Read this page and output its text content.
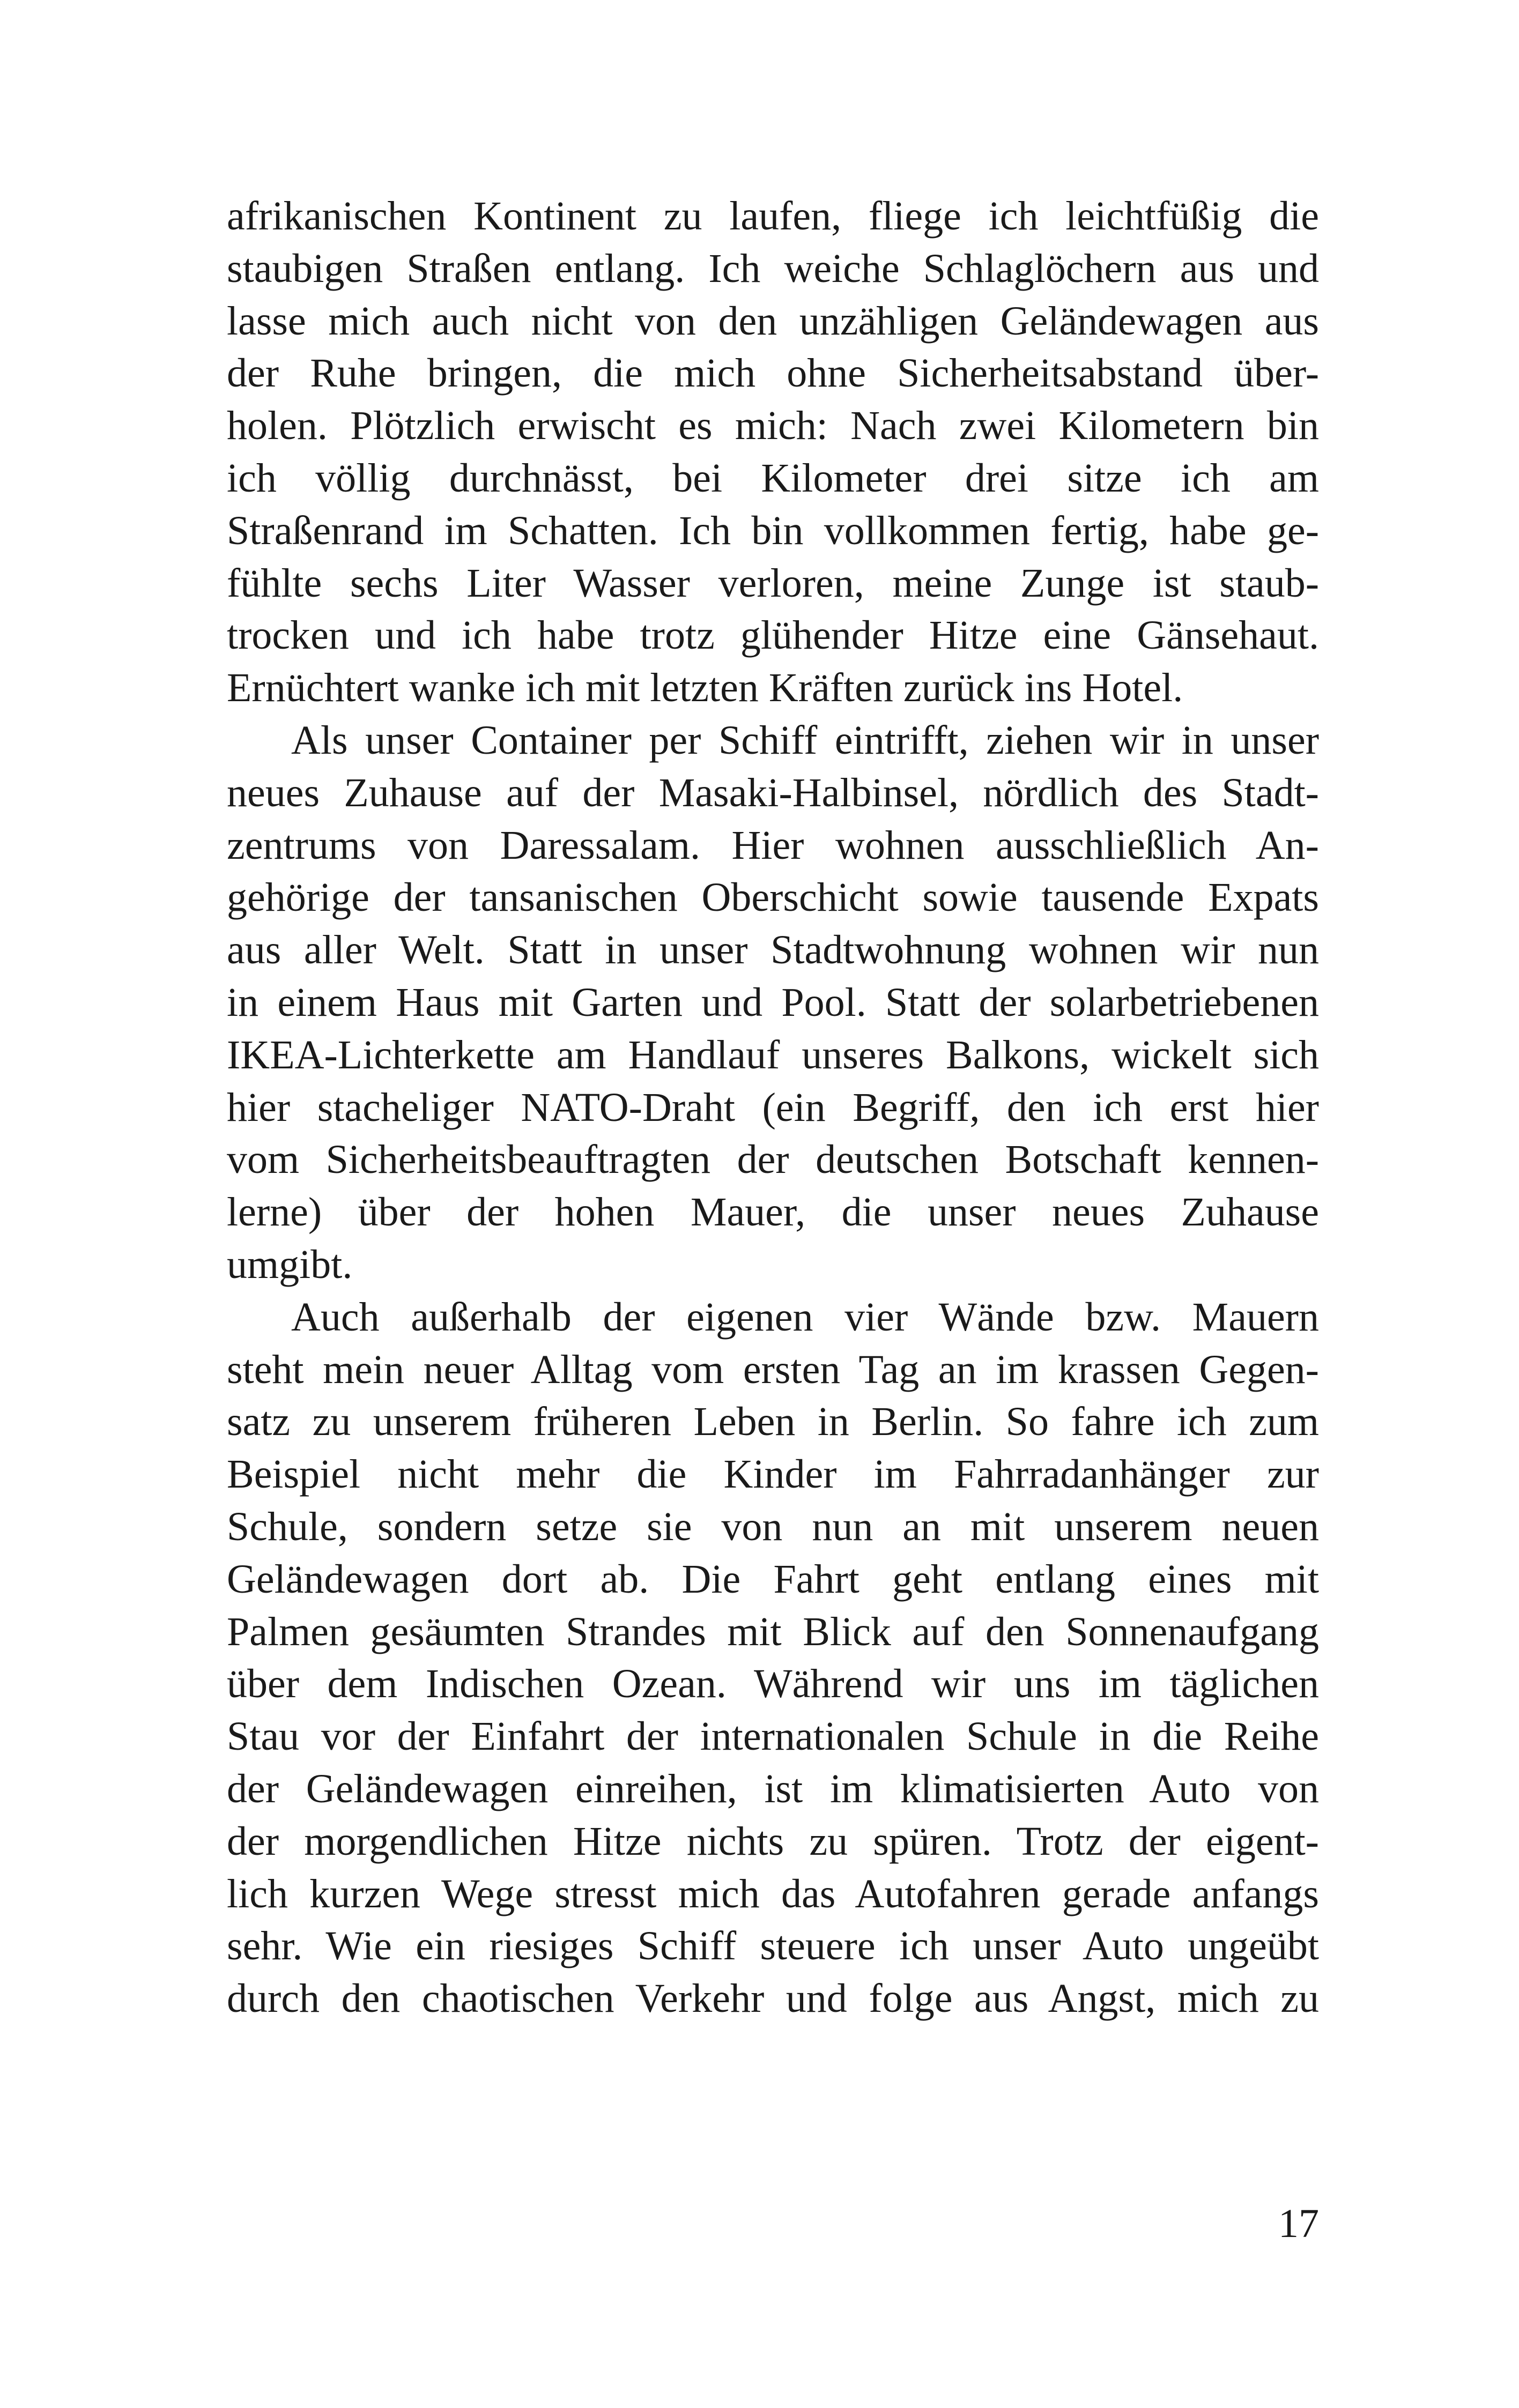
afrikanischen Kontinent zu laufen, fliege ich leichtfüßig die
staubigen Straßen entlang. Ich weiche Schlaglöchern aus und
lasse mich auch nicht von den unzähligen Geländewagen aus
der Ruhe bringen, die mich ohne Sicherheitsabstand über-
holen. Plötzlich erwischt es mich: Nach zwei Kilometern bin
ich völlig durchnässt, bei Kilometer drei sitze ich am
Straßenrand im Schatten. Ich bin vollkommen fertig, habe ge-
fühlte sechs Liter Wasser verloren, meine Zunge ist staub-
trocken und ich habe trotz glühender Hitze eine Gänsehaut.
Ernüchtert wanke ich mit letzten Kräften zurück ins Hotel.
Als unser Container per Schiff eintrifft, ziehen wir in unser
neues Zuhause auf der Masaki-Halbinsel, nördlich des Stadt-
zentrums von Daressalam. Hier wohnen ausschließlich An-
gehörige der tansanischen Oberschicht sowie tausende Expats
aus aller Welt. Statt in unser Stadtwohnung wohnen wir nun
in einem Haus mit Garten und Pool. Statt der solarbetriebenen
IKEA-Lichterkette am Handlauf unseres Balkons, wickelt sich
hier stacheliger NATO-Draht (ein Begriff, den ich erst hier
vom Sicherheitsbeauftragten der deutschen Botschaft kennen-
lerne) über der hohen Mauer, die unser neues Zuhause
umgibt.
Auch außerhalb der eigenen vier Wände bzw. Mauern
steht mein neuer Alltag vom ersten Tag an im krassen Gegen-
satz zu unserem früheren Leben in Berlin. So fahre ich zum
Beispiel nicht mehr die Kinder im Fahrradanhänger zur
Schule, sondern setze sie von nun an mit unserem neuen
Geländewagen dort ab. Die Fahrt geht entlang eines mit
Palmen gesäumten Strandes mit Blick auf den Sonnenaufgang
über dem Indischen Ozean. Während wir uns im täglichen
Stau vor der Einfahrt der internationalen Schule in die Reihe
der Geländewagen einreihen, ist im klimatisierten Auto von
der morgendlichen Hitze nichts zu spüren. Trotz der eigent-
lich kurzen Wege stresst mich das Autofahren gerade anfangs
sehr. Wie ein riesiges Schiff steuere ich unser Auto ungeübt
durch den chaotischen Verkehr und folge aus Angst, mich zu
17
